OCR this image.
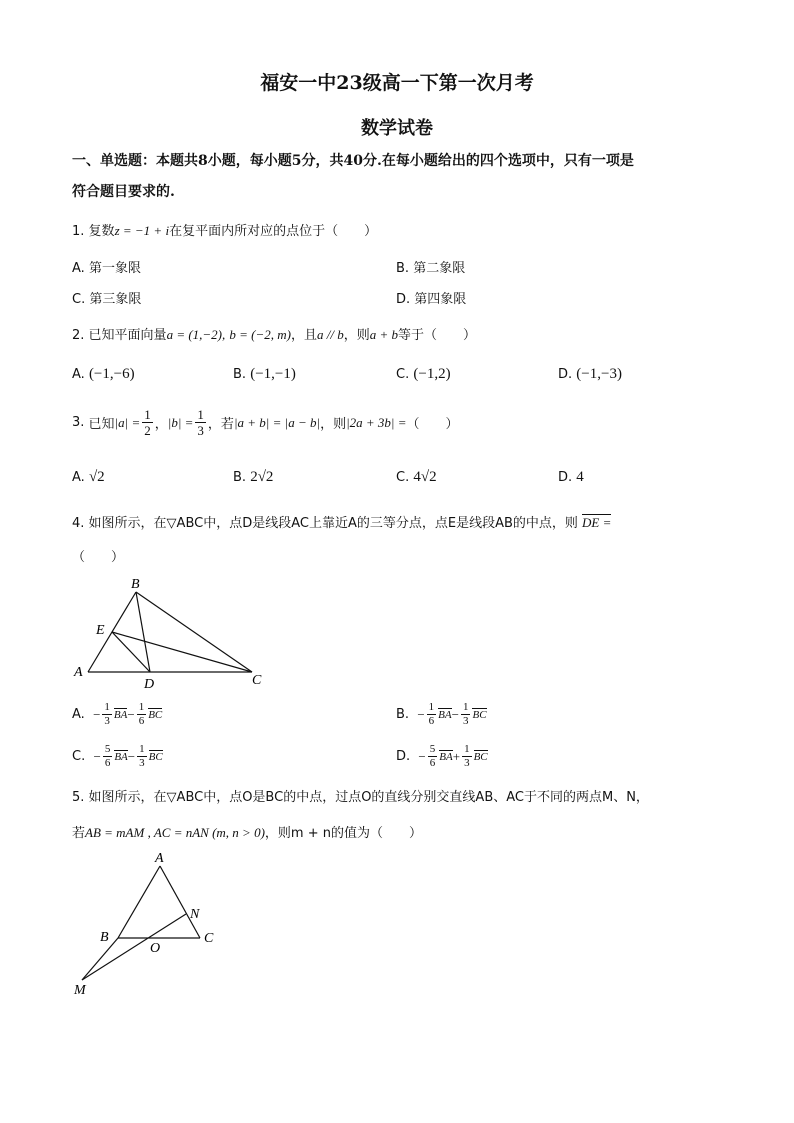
福安一中23级高一下第一次月考
数学试卷
一、单选题：本题共8小题，每小题5分，共40分.在每小题给出的四个选项中，只有一项是
符合题目要求的.
1. 复数z = −1 + i在复平面内所对应的点位于（　　）
A. 第一象限	B. 第二象限
C. 第三象限	D. 第四象限
2. 已知平面向量a = (1,−2), b = (−2, m)，且a // b，则a + b等于（　　）
A. (−1,−6)	B. (−1,−1)	C. (−1,2)	D. (−1,−3)
3.
已知 $|a| = \frac{1}{2}$ ， $|b| = \frac{1}{3}$ ，若 |a + b| = |a − b| ，则 |2a + 3b| = （　　）
A. √2	B. 2√2	C. 4√2	D. 4
4. 如图所示，在▽ABC中，点D是线段AC上靠近A的三等分点，点E是线段AB的中点，则 DE =
（　　）
B
E
A
D	C
A.
− $\frac{1}{3}$ BA − $\frac{1}{6}$ BC	B.
− $\frac{1}{6}$ BA − $\frac{1}{3}$ BC
C.
− $\frac{5}{6}$ BA − $\frac{1}{3}$ BC	D.
− $\frac{5}{6}$ BA + $\frac{1}{3}$ BC
5. 如图所示，在▽ABC中，点O是BC的中点，过点O的直线分别交直线AB、AC于不同的两点M、N，
若AB = mAM , AC = nAN (m, n > 0)，则m + n的值为（　　）
A
N
B	C
O
M
